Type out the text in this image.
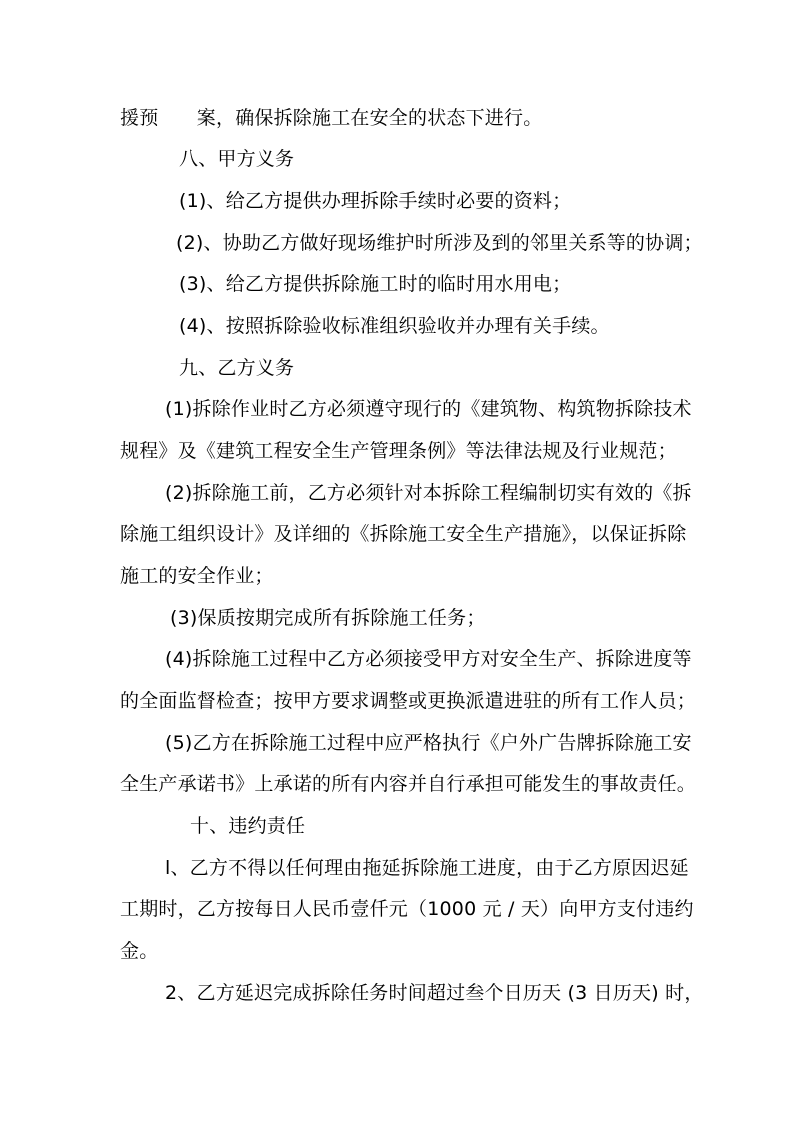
援预　　案，确保拆除施工在安全的状态下进行。
八、甲方义务
(1)、给乙方提供办理拆除手续时必要的资料；
(2)、协助乙方做好现场维护时所涉及到的邻里关系等的协调；
(3)、给乙方提供拆除施工时的临时用水用电；
(4)、按照拆除验收标准组织验收并办理有关手续。
九、乙方义务
(1)拆除作业时乙方必须遵守现行的《建筑物、构筑物拆除技术
规程》及《建筑工程安全生产管理条例》等法律法规及行业规范；
(2)拆除施工前，乙方必须针对本拆除工程编制切实有效的《拆
除施工组织设计》及详细的《拆除施工安全生产措施》，以保证拆除
施工的安全作业；
(3)保质按期完成所有拆除施工任务；
(4)拆除施工过程中乙方必须接受甲方对安全生产、拆除进度等
的全面监督检查；按甲方要求调整或更换派遣进驻的所有工作人员；
(5)乙方在拆除施工过程中应严格执行《户外广告牌拆除施工安
全生产承诺书》上承诺的所有内容并自行承担可能发生的事故责任。
十、违约责任
l、乙方不得以任何理由拖延拆除施工进度，由于乙方原因迟延
工期时，乙方按每日人民币壹仟元（1000 元 / 天）向甲方支付违约
金。
2、乙方延迟完成拆除任务时间超过叁个日历天 (3 日历天) 时，
